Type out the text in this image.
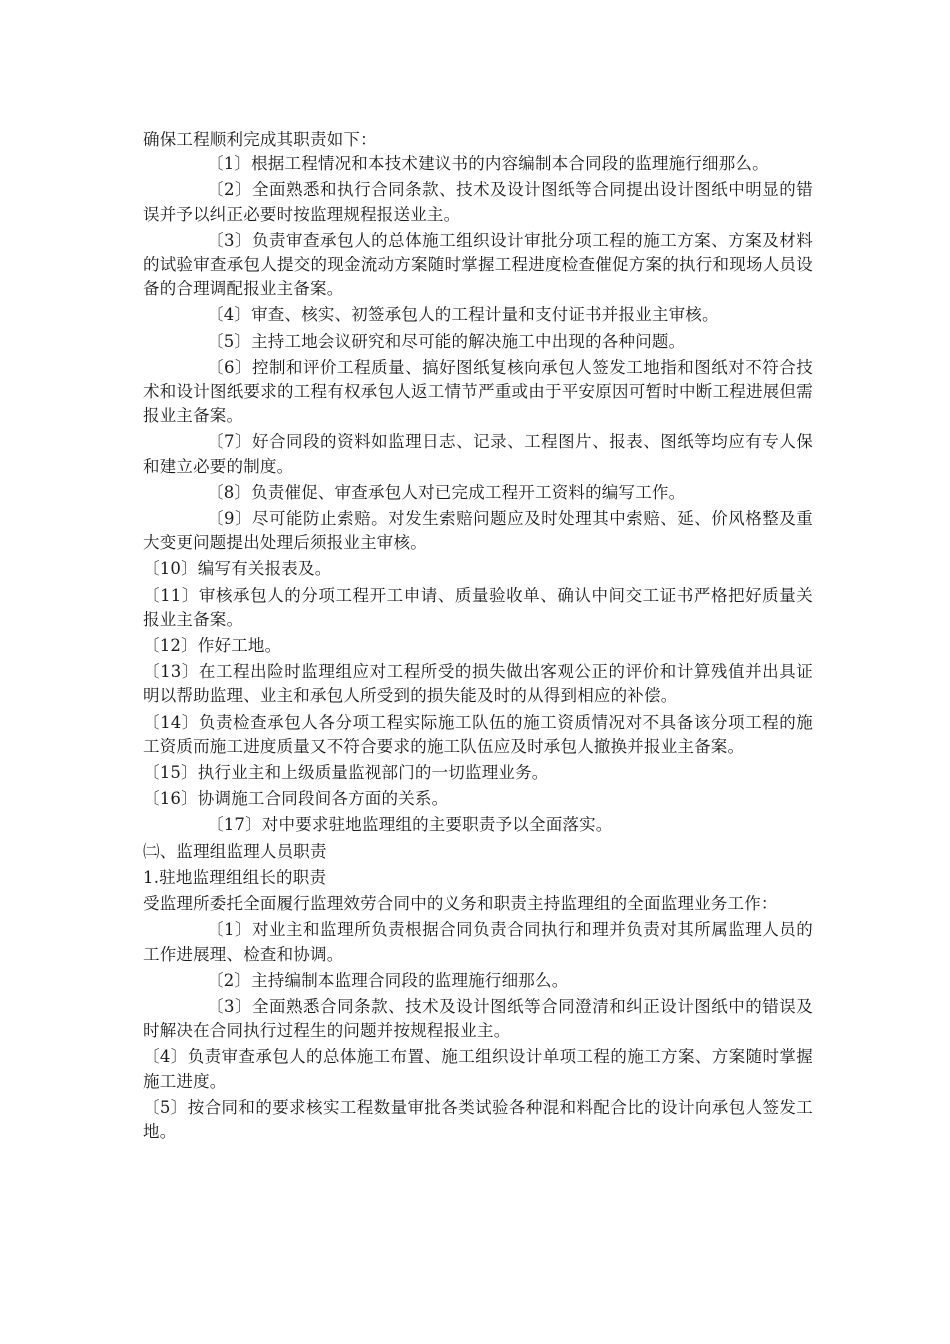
确保工程顺利完成其职责如下：

〔1〕根据工程情况和本技术建议书的内容编制本合同段的监理施行细那么。

〔2〕全面熟悉和执行合同条款、技术及设计图纸等合同提出设计图纸中明显的错误并予以纠正必要时按监理规程报送业主。

〔3〕负责审查承包人的总体施工组织设计审批分项工程的施工方案、方案及材料的试验审查承包人提交的现金流动方案随时掌握工程进度检查催促方案的执行和现场人员设备的合理调配报业主备案。

〔4〕审查、核实、初签承包人的工程计量和支付证书并报业主审核。

〔5〕主持工地会议研究和尽可能的解决施工中出现的各种问题。

〔6〕控制和评价工程质量、搞好图纸复核向承包人签发工地指和图纸对不符合技术和设计图纸要求的工程有权承包人返工情节严重或由于平安原因可暂时中断工程进展但需报业主备案。

〔7〕好合同段的资料如监理日志、记录、工程图片、报表、图纸等均应有专人保和建立必要的制度。

〔8〕负责催促、审查承包人对已完成工程开工资料的编写工作。

〔9〕尽可能防止索赔。对发生索赔问题应及时处理其中索赔、延、价风格整及重大变更问题提出处理后须报业主审核。

〔10〕编写有关报表及。

〔11〕审核承包人的分项工程开工申请、质量验收单、确认中间交工证书严格把好质量关报业主备案。

〔12〕作好工地。

〔13〕在工程出险时监理组应对工程所受的损失做出客观公正的评价和计算残值并出具证明以帮助监理、业主和承包人所受到的损失能及时的从得到相应的补偿。

〔14〕负责检查承包人各分项工程实际施工队伍的施工资质情况对不具备该分项工程的施工资质而施工进度质量又不符合要求的施工队伍应及时承包人撤换并报业主备案。

〔15〕执行业主和上级质量监视部门的一切监理业务。

〔16〕协调施工合同段间各方面的关系。

〔17〕对中要求驻地监理组的主要职责予以全面落实。

㈡、监理组监理人员职责

1.驻地监理组组长的职责

受监理所委托全面履行监理效劳合同中的义务和职责主持监理组的全面监理业务工作：

〔1〕对业主和监理所负责根据合同负责合同执行和理并负责对其所属监理人员的工作进展理、检查和协调。

〔2〕主持编制本监理合同段的监理施行细那么。

〔3〕全面熟悉合同条款、技术及设计图纸等合同澄清和纠正设计图纸中的错误及时解决在合同执行过程生的问题并按规程报业主。

〔4〕负责审查承包人的总体施工布置、施工组织设计单项工程的施工方案、方案随时掌握施工进度。

〔5〕按合同和的要求核实工程数量审批各类试验各种混和料配合比的设计向承包人签发工地。
